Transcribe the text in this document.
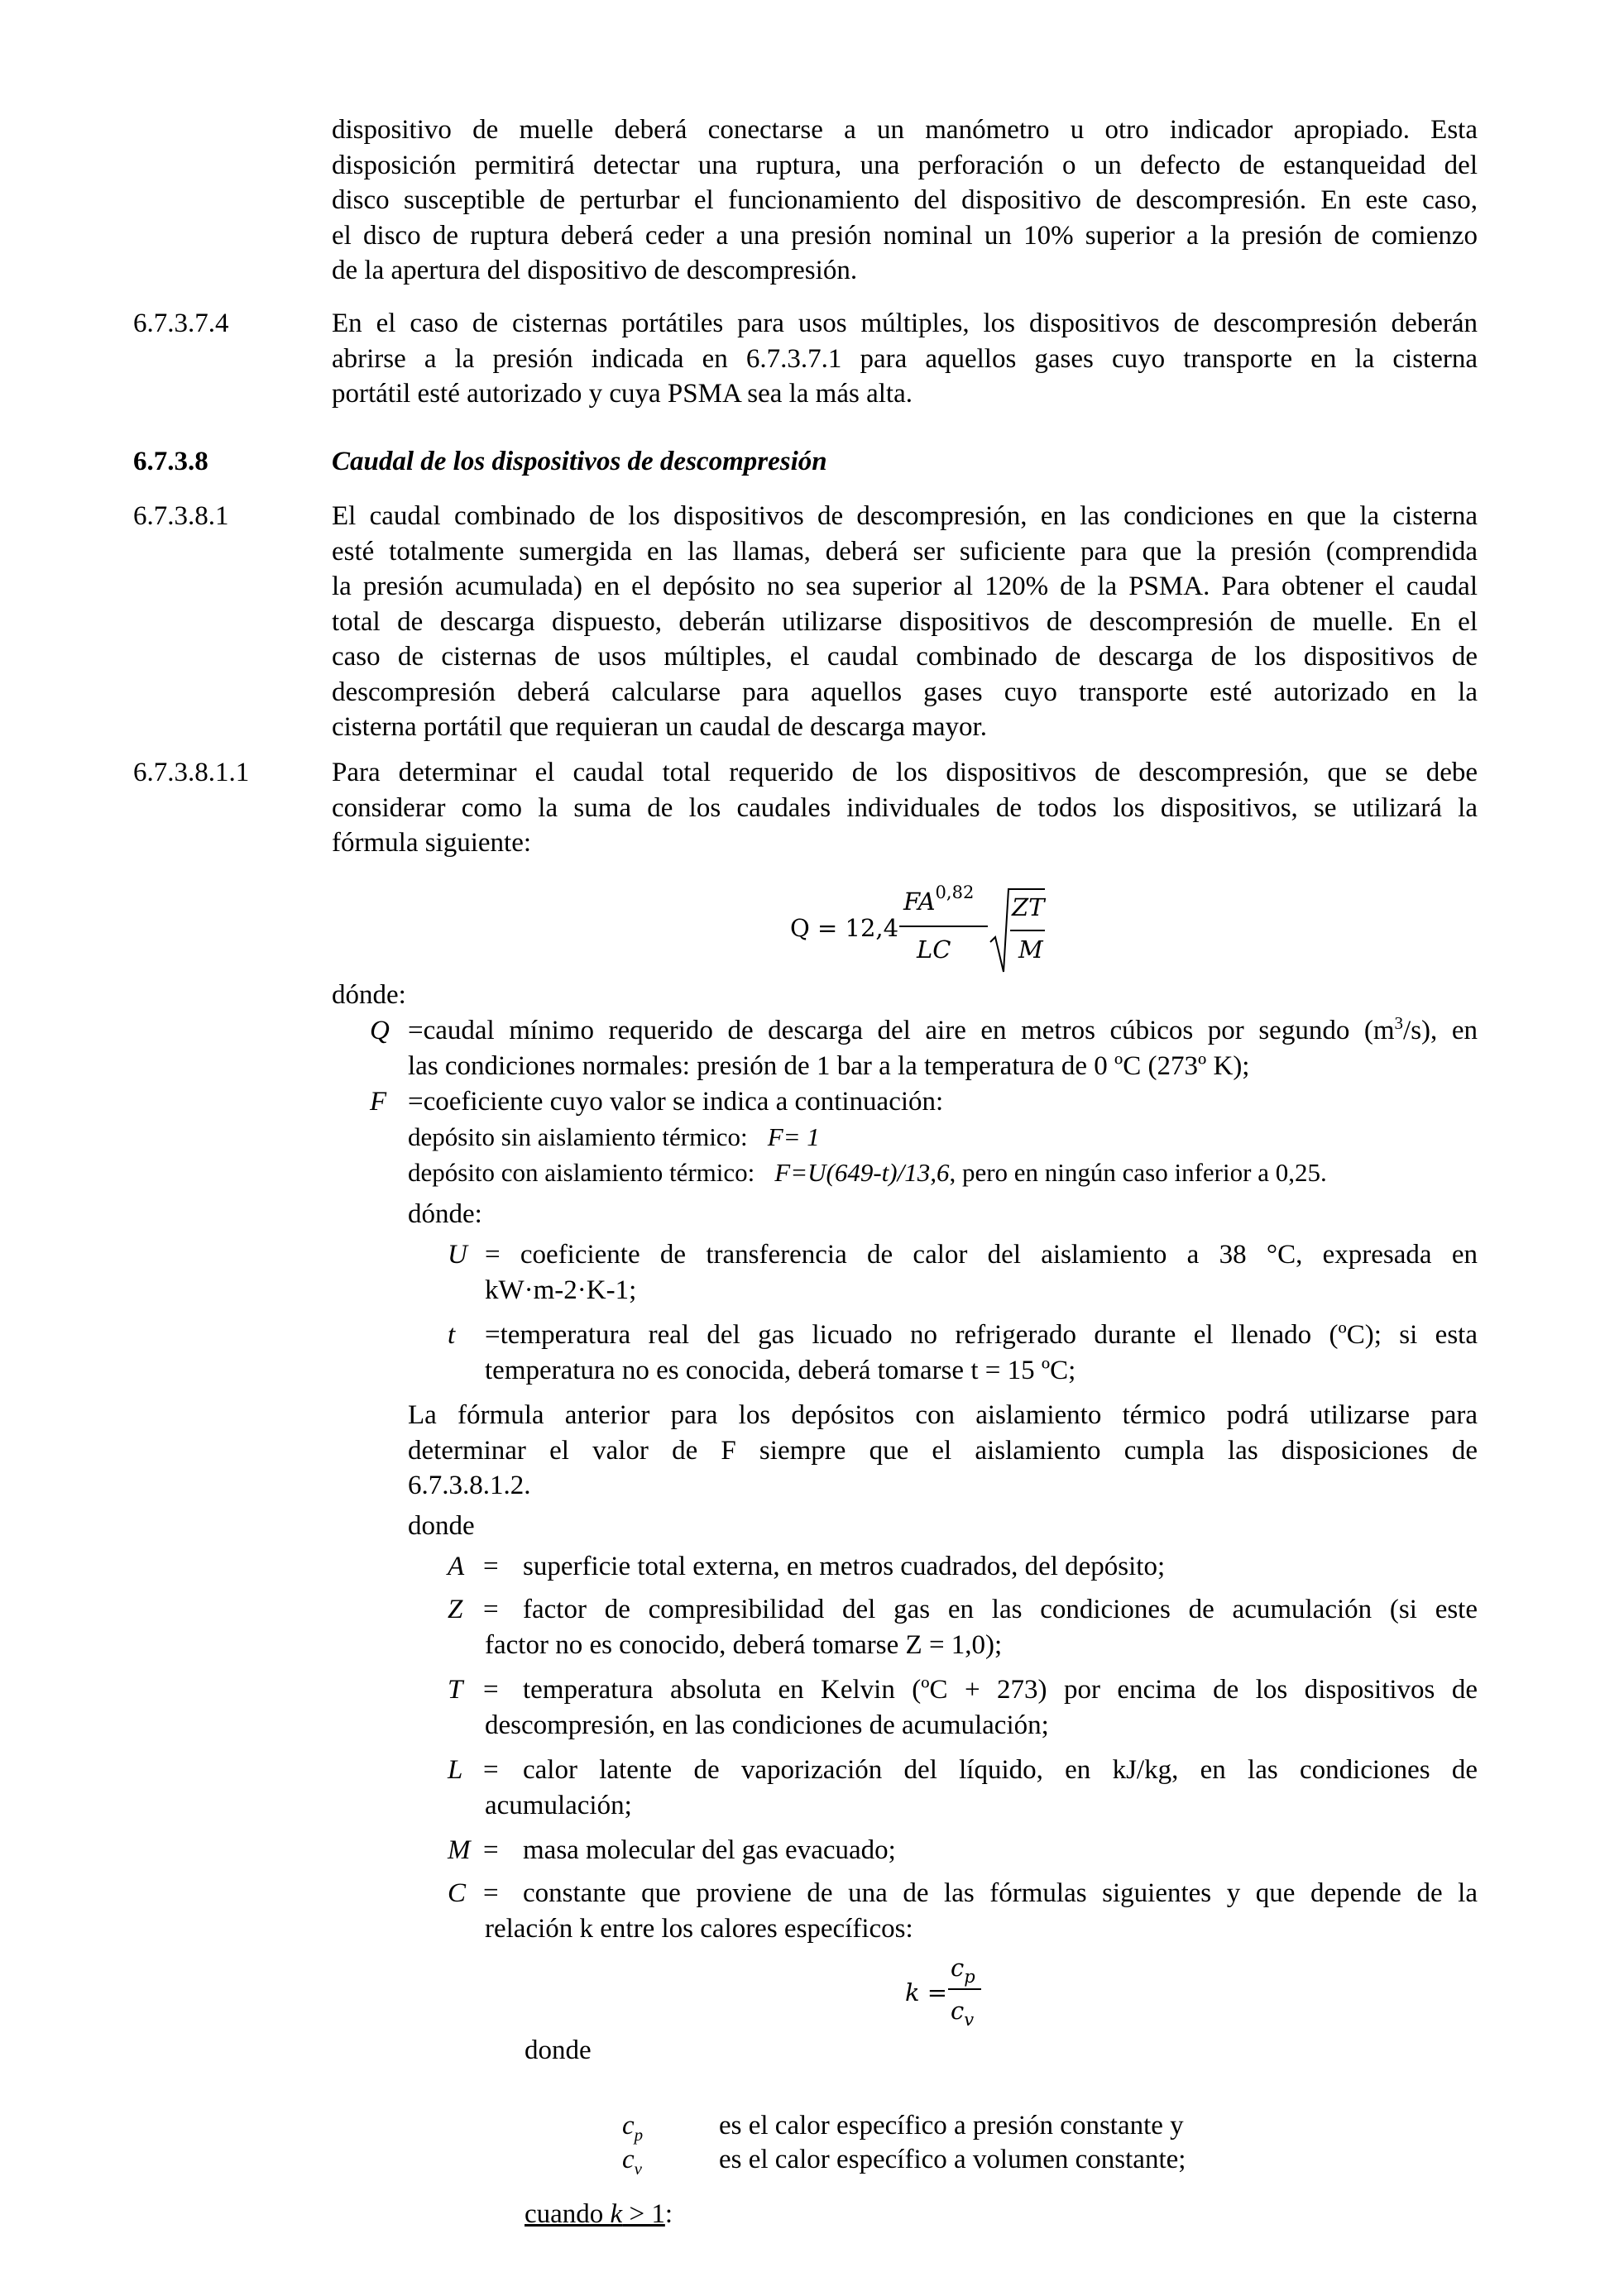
dispositivo de muelle deberá conectarse a un manómetro u otro indicador apropiado. Esta
disposición permitirá detectar una ruptura, una perforación o un defecto de estanqueidad del
disco susceptible de perturbar el funcionamiento del dispositivo de descompresión. En este caso,
el disco de ruptura deberá ceder a una presión nominal un 10% superior a la presión de comienzo
de la apertura del dispositivo de descompresión.
6.7.3.7.4	En el caso de cisternas portátiles para usos múltiples, los dispositivos de descompresión deberán
abrirse a la presión indicada en 6.7.3.7.1 para aquellos gases cuyo transporte en la cisterna
portátil esté autorizado y cuya PSMA sea la más alta.
6.7.3.8	Caudal de los dispositivos de descompresión
6.7.3.8.1	El caudal combinado de los dispositivos de descompresión, en las condiciones en que la cisterna
esté totalmente sumergida en las llamas, deberá ser suficiente para que la presión (comprendida
la presión acumulada) en el depósito no sea superior al 120% de la PSMA. Para obtener el caudal
total de descarga dispuesto, deberán utilizarse dispositivos de descompresión de muelle. En el
caso de cisternas de usos múltiples, el caudal combinado de descarga de los dispositivos de
descompresión deberá calcularse para aquellos gases cuyo transporte esté autorizado en la
cisterna portátil que requieran un caudal de descarga mayor.
6.7.3.8.1.1	Para determinar el caudal total requerido de los dispositivos de descompresión, que se debe
considerar como la suma de los caudales individuales de todos los dispositivos, se utilizará la
fórmula siguiente:
Q = 12,4
FA$^{0,82}$
LC
ZT
M
dónde:
Q =caudal mínimo requerido de descarga del aire en metros cúbicos por segundo $(m^3/s)$, en
las condiciones normales: presión de 1 bar a la temperatura de 0 ºC (273º K);
F =coeficiente cuyo valor se indica a continuación:
depósito sin aislamiento térmico: F= 1
depósito con aislamiento térmico: F=U(649-t)/13,6, pero en ningún caso inferior a 0,25.
dónde:
U = coeficiente de transferencia de calor del aislamiento a 38 °C, expresada en
kW·m-2·K-1;
t =temperatura real del gas licuado no refrigerado durante el llenado (ºC); si esta
temperatura no es conocida, deberá tomarse t = 15 ºC;
La fórmula anterior para los depósitos con aislamiento térmico podrá utilizarse para
determinar el valor de F siempre que el aislamiento cumpla las disposiciones de
6.7.3.8.1.2.
donde
A = superficie total externa, en metros cuadrados, del depósito;
Z = factor de compresibilidad del gas en las condiciones de acumulación (si este
factor no es conocido, deberá tomarse Z = 1,0);
T = temperatura absoluta en Kelvin (ºC + 273) por encima de los dispositivos de
descompresión, en las condiciones de acumulación;
L = calor latente de vaporización del líquido, en kJ/kg, en las condiciones de
acumulación;
M = masa molecular del gas evacuado;
C = constante que proviene de una de las fórmulas siguientes y que depende de la
relación k entre los calores específicos:
k =
$c_p$
$c_v$
donde
$c_p$	es el calor específico a presión constante y
$c_v$	es el calor específico a volumen constante;
cuando k > 1:
